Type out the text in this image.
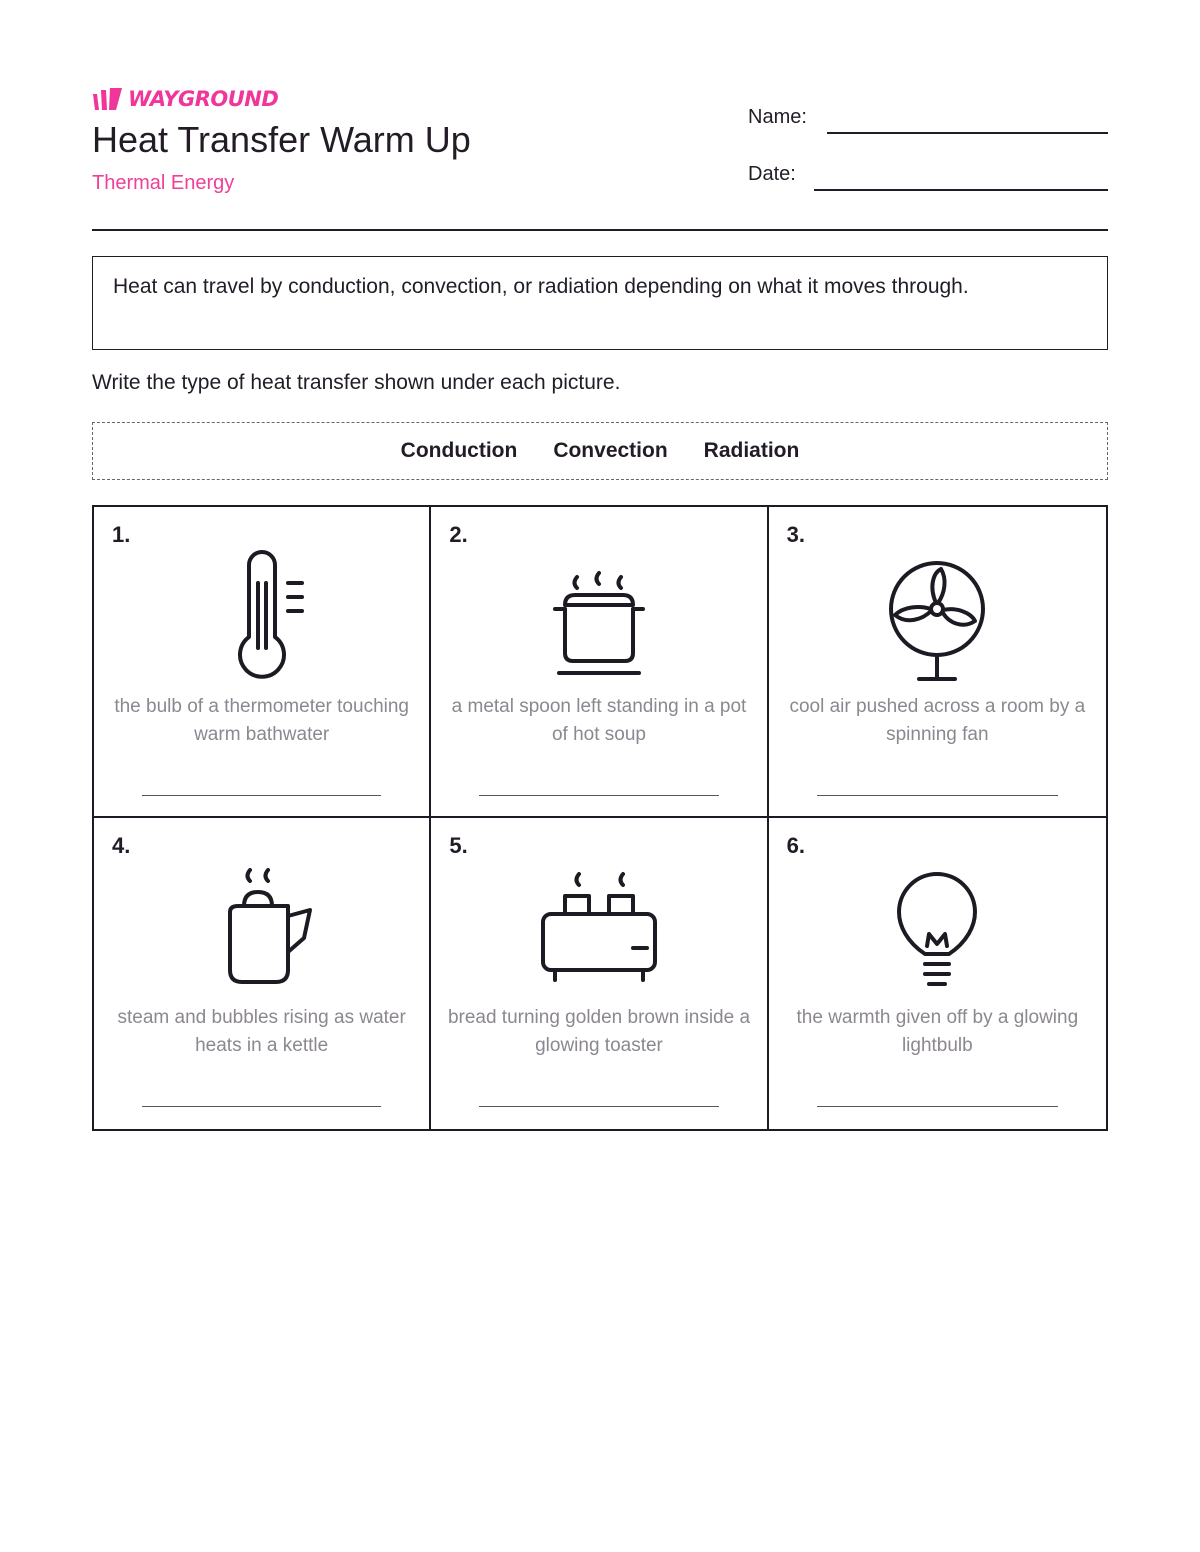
WAYGROUND
Heat Transfer Warm Up
Thermal Energy
Name:
Date:
Heat can travel by conduction, convection, or radiation depending on what it moves through.
Write the type of heat transfer shown under each picture.
Conduction Convection Radiation
1.
the bulb of a thermometer touching warm bathwater
2.
a metal spoon left standing in a pot of hot soup
3.
cool air pushed across a room by a spinning fan
4.
steam and bubbles rising as water heats in a kettle
5.
bread turning golden brown inside a glowing toaster
6.
the warmth given off by a glowing lightbulb
